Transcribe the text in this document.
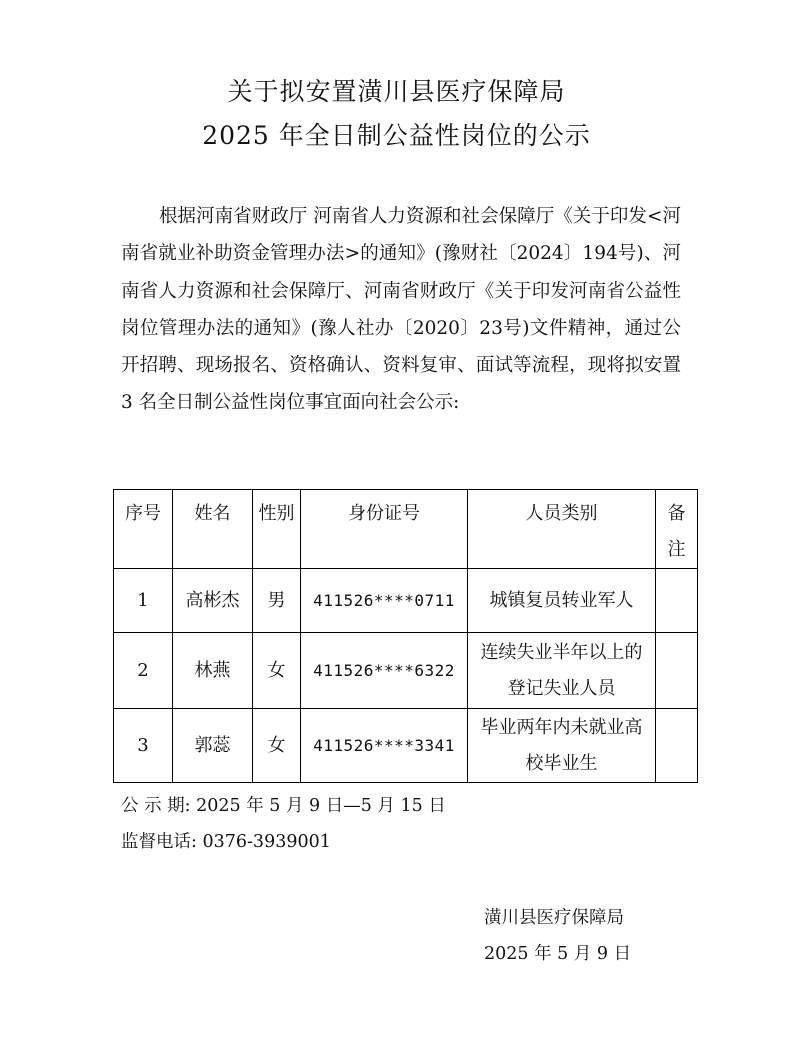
关于拟安置潢川县医疗保障局
2025 年全日制公益性岗位的公示
根据河南省财政厅 河南省人力资源和社会保障厅《关于印发<河南省就业补助资金管理办法>的通知》(豫财社〔2024〕194号)、河南省人力资源和社会保障厅、河南省财政厅《关于印发河南省公益性岗位管理办法的通知》(豫人社办〔2020〕23号)文件精神，通过公开招聘、现场报名、资格确认、资料复审、面试等流程，现将拟安置 3 名全日制公益性岗位事宜面向社会公示:
序号	姓名	性别	身份证号	人员类别	备注
1	高彬杰	男	411526****0711	城镇复员转业军人	
2	林燕	女	411526****6322	连续失业半年以上的登记失业人员	
3	郭蕊	女	411526****3341	毕业两年内未就业高校毕业生	
公 示 期: 2025 年 5 月 9 日—5 月 15 日
监督电话: 0376-3939001
潢川县医疗保障局
2025 年 5 月 9 日
